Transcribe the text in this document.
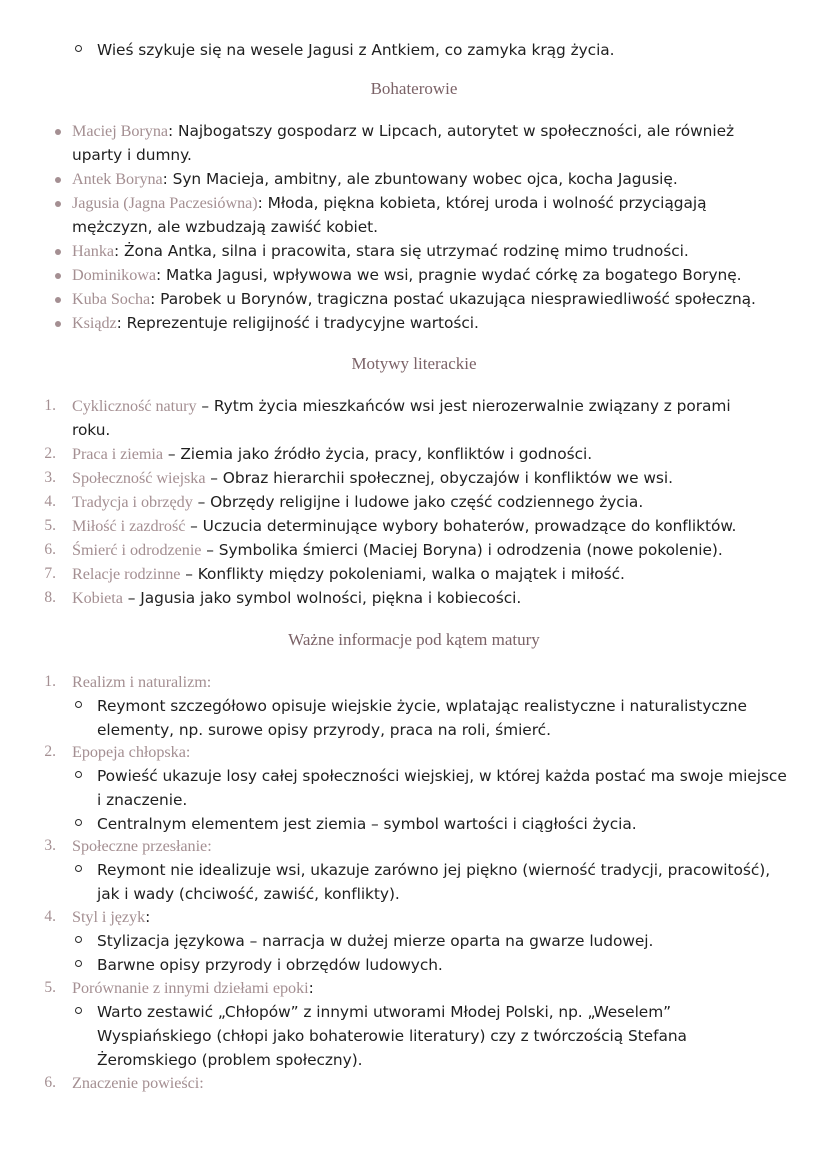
Wieś szykuje się na wesele Jagusi z Antkiem, co zamyka krąg życia.
Bohaterowie
Maciej Boryna: Najbogatszy gospodarz w Lipcach, autorytet w społeczności, ale również
uparty i dumny.
Antek Boryna: Syn Macieja, ambitny, ale zbuntowany wobec ojca, kocha Jagusię.
Jagusia (Jagna Paczesiówna): Młoda, piękna kobieta, której uroda i wolność przyciągają
mężczyzn, ale wzbudzają zawiść kobiet.
Hanka: Żona Antka, silna i pracowita, stara się utrzymać rodzinę mimo trudności.
Dominikowa: Matka Jagusi, wpływowa we wsi, pragnie wydać córkę za bogatego Borynę.
Kuba Socha: Parobek u Borynów, tragiczna postać ukazująca niesprawiedliwość społeczną.
Ksiądz: Reprezentuje religijność i tradycyjne wartości.
Motywy literackie
1. Cykliczność natury – Rytm życia mieszkańców wsi jest nierozerwalnie związany z porami
roku.
2. Praca i ziemia – Ziemia jako źródło życia, pracy, konfliktów i godności.
3. Społeczność wiejska – Obraz hierarchii społecznej, obyczajów i konfliktów we wsi.
4. Tradycja i obrzędy – Obrzędy religijne i ludowe jako część codziennego życia.
5. Miłość i zazdrość – Uczucia determinujące wybory bohaterów, prowadzące do konfliktów.
6. Śmierć i odrodzenie – Symbolika śmierci (Maciej Boryna) i odrodzenia (nowe pokolenie).
7. Relacje rodzinne – Konflikty między pokoleniami, walka o majątek i miłość.
8. Kobieta – Jagusia jako symbol wolności, piękna i kobiecości.
Ważne informacje pod kątem matury
1. Realizm i naturalizm:
Reymont szczegółowo opisuje wiejskie życie, wplatając realistyczne i naturalistyczne
elementy, np. surowe opisy przyrody, praca na roli, śmierć.
2. Epopeja chłopska:
Powieść ukazuje losy całej społeczności wiejskiej, w której każda postać ma swoje miejsce
i znaczenie.
Centralnym elementem jest ziemia – symbol wartości i ciągłości życia.
3. Społeczne przesłanie:
Reymont nie idealizuje wsi, ukazuje zarówno jej piękno (wierność tradycji, pracowitość),
jak i wady (chciwość, zawiść, konflikty).
4. Styl i język:
Stylizacja językowa – narracja w dużej mierze oparta na gwarze ludowej.
Barwne opisy przyrody i obrzędów ludowych.
5. Porównanie z innymi dziełami epoki:
Warto zestawić „Chłopów” z innymi utworami Młodej Polski, np. „Weselem”
Wyspiańskiego (chłopi jako bohaterowie literatury) czy z twórczością Stefana
Żeromskiego (problem społeczny).
6. Znaczenie powieści:
